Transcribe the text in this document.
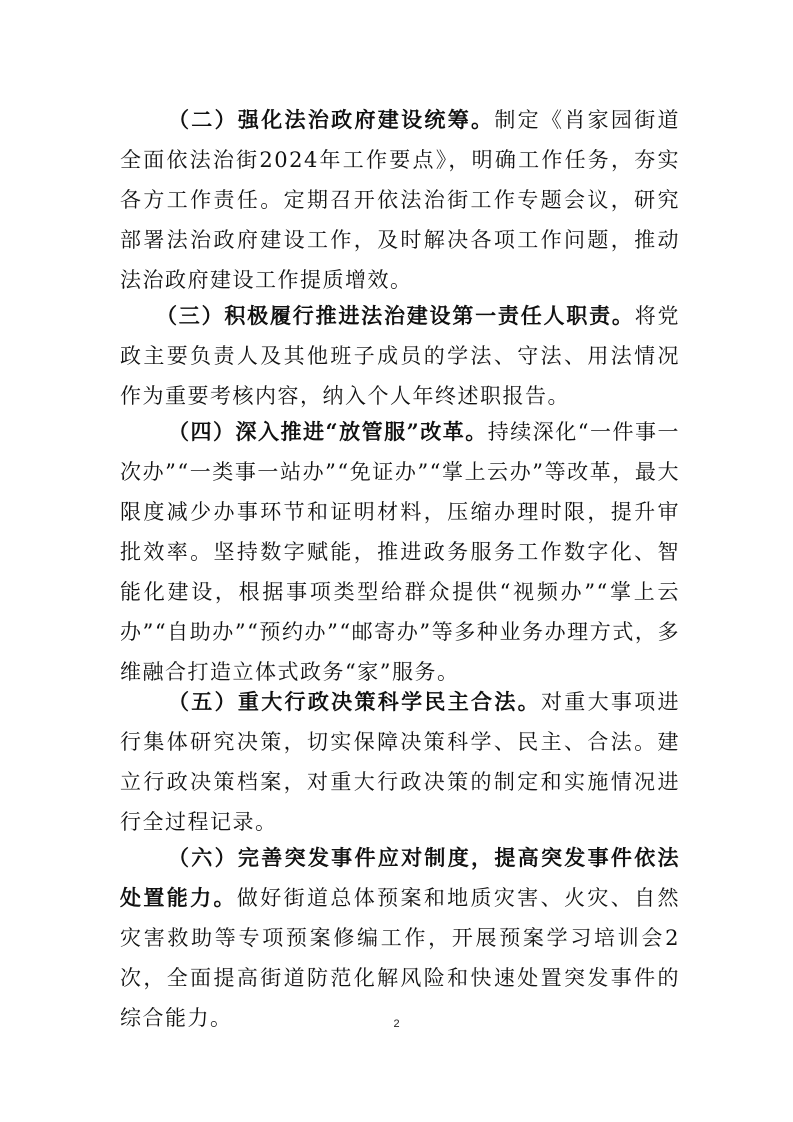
（二）强化法治政府建设统筹。制定《肖家园街道全面依法治街2024年工作要点》，明确工作任务，夯实各方工作责任。定期召开依法治街工作专题会议，研究部署法治政府建设工作，及时解决各项工作问题，推动法治政府建设工作提质增效。

（三）积极履行推进法治建设第一责任人职责。将党政主要负责人及其他班子成员的学法、守法、用法情况作为重要考核内容，纳入个人年终述职报告。

（四）深入推进“放管服”改革。持续深化“一件事一次办”“一类事一站办”“免证办”“掌上云办”等改革，最大限度减少办事环节和证明材料，压缩办理时限，提升审批效率。坚持数字赋能，推进政务服务工作数字化、智能化建设，根据事项类型给群众提供“视频办”“掌上云办”“自助办”“预约办”“邮寄办”等多种业务办理方式，多维融合打造立体式政务“家”服务。

（五）重大行政决策科学民主合法。对重大事项进行集体研究决策，切实保障决策科学、民主、合法。建立行政决策档案，对重大行政决策的制定和实施情况进行全过程记录。

（六）完善突发事件应对制度，提高突发事件依法处置能力。做好街道总体预案和地质灾害、火灾、自然灾害救助等专项预案修编工作，开展预案学习培训会2次，全面提高街道防范化解风险和快速处置突发事件的综合能力。	2
